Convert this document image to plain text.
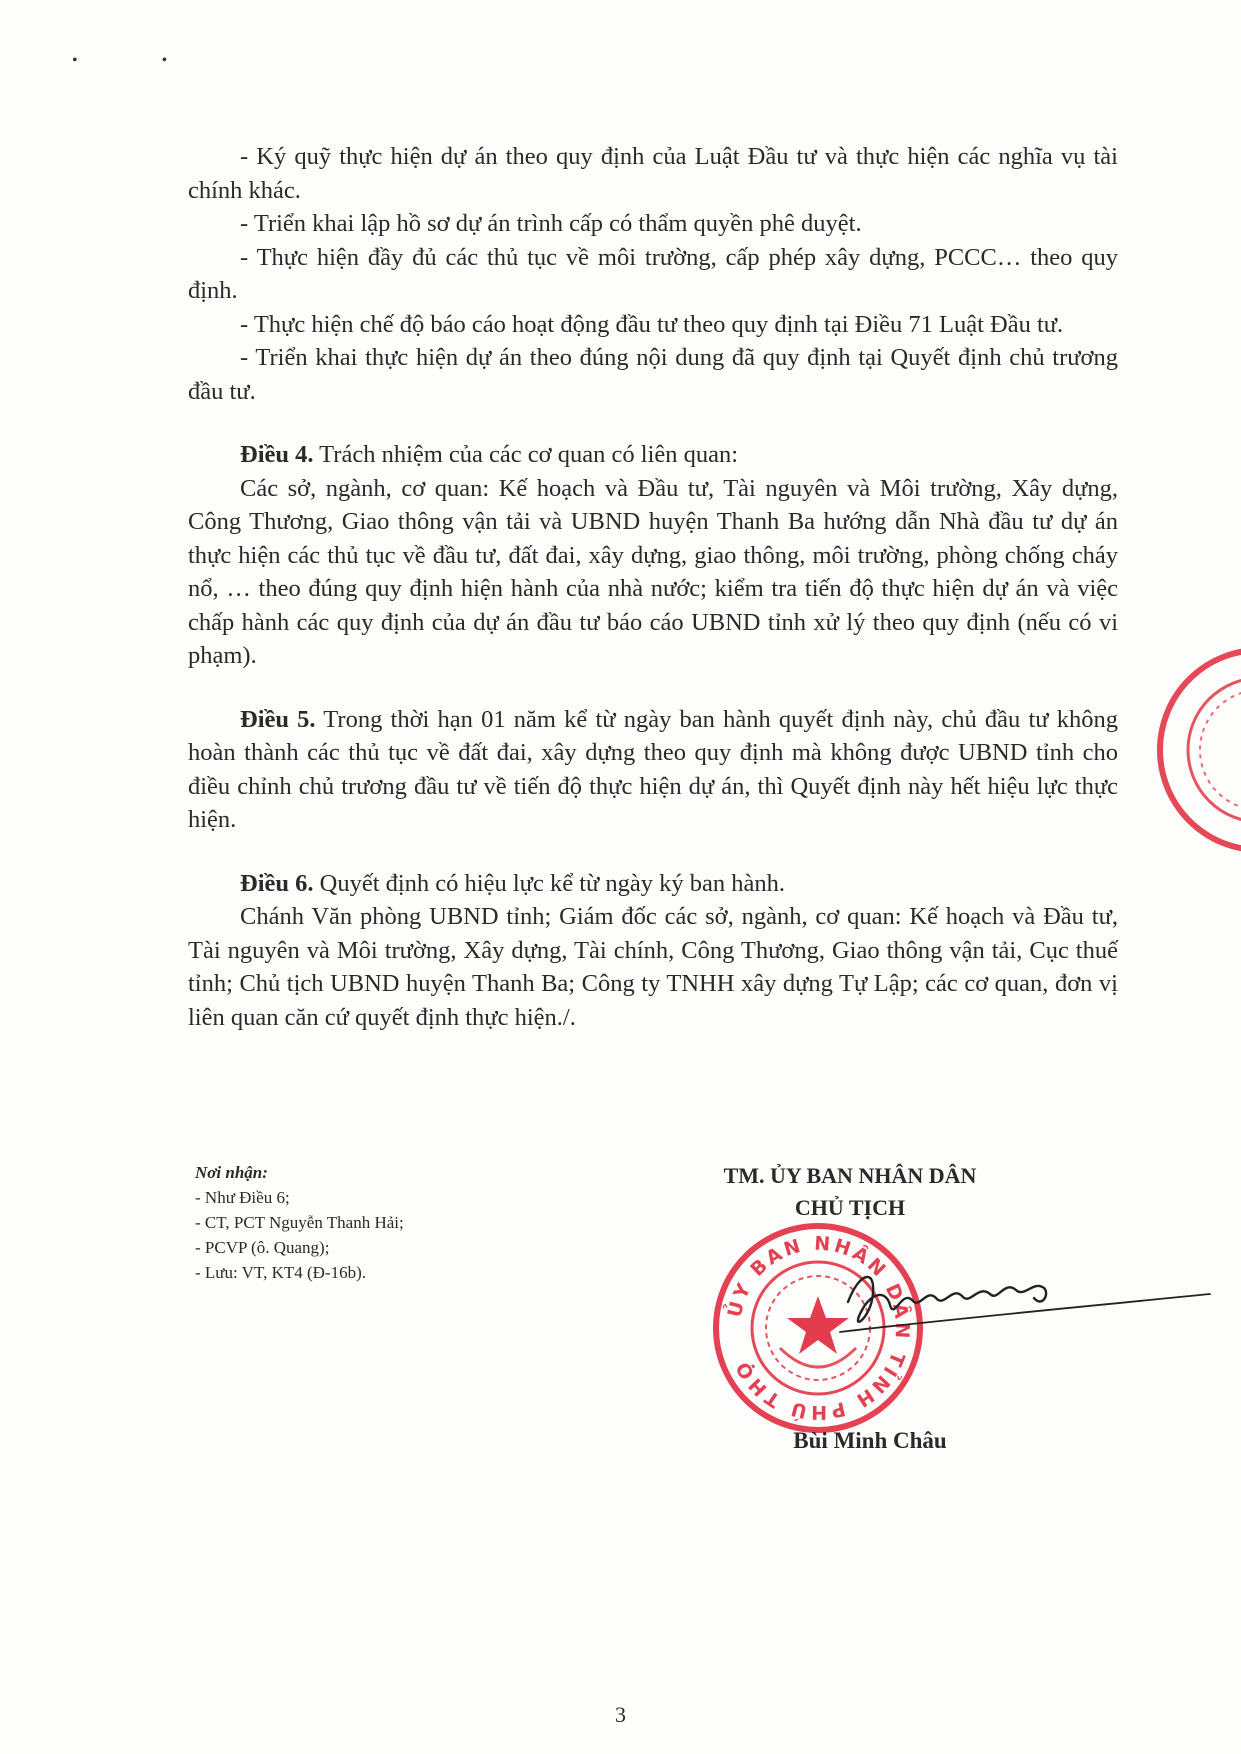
• •

- Ký quỹ thực hiện dự án theo quy định của Luật Đầu tư và thực hiện các nghĩa vụ tài chính khác.

- Triển khai lập hồ sơ dự án trình cấp có thẩm quyền phê duyệt.

- Thực hiện đầy đủ các thủ tục về môi trường, cấp phép xây dựng, PCCC… theo quy định.

- Thực hiện chế độ báo cáo hoạt động đầu tư theo quy định tại Điều 71 Luật Đầu tư.

- Triển khai thực hiện dự án theo đúng nội dung đã quy định tại Quyết định chủ trương đầu tư.

Điều 4. Trách nhiệm của các cơ quan có liên quan:

Các sở, ngành, cơ quan: Kế hoạch và Đầu tư, Tài nguyên và Môi trường, Xây dựng, Công Thương, Giao thông vận tải và UBND huyện Thanh Ba hướng dẫn Nhà đầu tư dự án thực hiện các thủ tục về đầu tư, đất đai, xây dựng, giao thông, môi trường, phòng chống cháy nổ, … theo đúng quy định hiện hành của nhà nước; kiểm tra tiến độ thực hiện dự án và việc chấp hành các quy định của dự án đầu tư báo cáo UBND tỉnh xử lý theo quy định (nếu có vi phạm).

Điều 5. Trong thời hạn 01 năm kể từ ngày ban hành quyết định này, chủ đầu tư không hoàn thành các thủ tục về đất đai, xây dựng theo quy định mà không được UBND tỉnh cho điều chỉnh chủ trương đầu tư về tiến độ thực hiện dự án, thì Quyết định này hết hiệu lực thực hiện.

Điều 6. Quyết định có hiệu lực kể từ ngày ký ban hành.

Chánh Văn phòng UBND tỉnh; Giám đốc các sở, ngành, cơ quan: Kế hoạch và Đầu tư, Tài nguyên và Môi trường, Xây dựng, Tài chính, Công Thương, Giao thông vận tải, Cục thuế tỉnh; Chủ tịch UBND huyện Thanh Ba; Công ty TNHH xây dựng Tự Lập; các cơ quan, đơn vị liên quan căn cứ quyết định thực hiện./.

Nơi nhận:
- Như Điều 6;
- CT, PCT Nguyễn Thanh Hải;
- PCVP (ô. Quang);
- Lưu: VT, KT4 (Đ-16b).
TM. ỦY BAN NHÂN DÂN
CHỦ TỊCH
ỦY BAN NHÂN DÂN TỈNH PHÚ THỌ
Bùi Minh Châu
3
